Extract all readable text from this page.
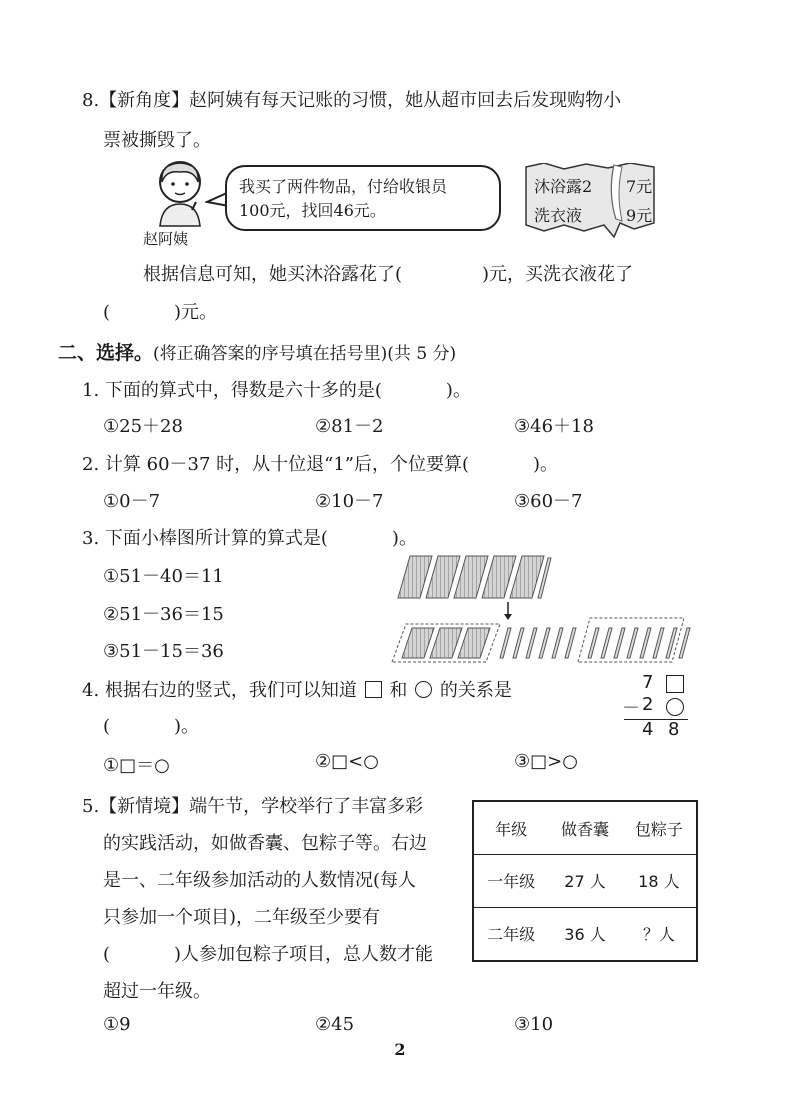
8.【新角度】赵阿姨有每天记账的习惯，她从超市回去后发现购物小
票被撕毁了。
赵阿姨
我买了两件物品，付给收银员
100元，找回46元。
沐浴露2 7元
洗衣液	9元
根据信息可知，她买沐浴露花了(	)元，买洗衣液花了
(	)元。
二、选择。(将正确答案的序号填在括号里)(共 5 分)
1. 下面的算式中，得数是六十多的是(	)。
①25＋28	②81－2	③46＋18
2. 计算 60－37 时，从十位退“1”后，个位要算(	)。
①0－7	②10－7	③60－7
3. 下面小棒图所计算的算式是(	)。
①51－40＝11
②51－36＝15
③51－15＝36
4. 根据右边的竖式，我们可以知道 和 的关系是
(	)。
7
－ 2
4 8
①□＝○	②□<○	③□>○
5.【新情境】端午节，学校举行了丰富多彩
的实践活动，如做香囊、包粽子等。右边
是一、二年级参加活动的人数情况(每人
只参加一个项目)，二年级至少要有
(	)人参加包粽子项目，总人数才能
超过一年级。
年级	做香囊	包粽子
一年级	27 人	18 人
二年级	36 人	？人
①9	②45	③10
2
